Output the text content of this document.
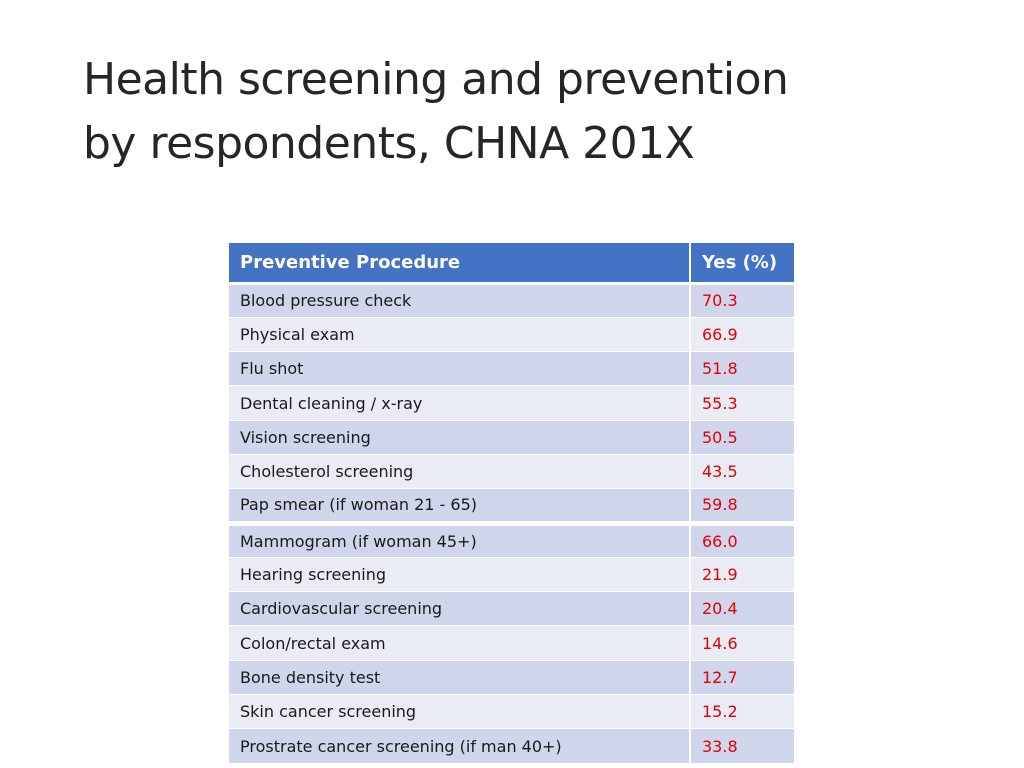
Health screening and prevention
by respondents, CHNA 201X
Preventive Procedure	Yes (%)
Blood pressure check	70.3
Physical exam	66.9
Flu shot	51.8
Dental cleaning / x-ray	55.3
Vision screening	50.5
Cholesterol screening	43.5
Pap smear (if woman 21 - 65)	59.8
Mammogram (if woman 45+)	66.0
Hearing screening	21.9
Cardiovascular screening	20.4
Colon/rectal exam	14.6
Bone density test	12.7
Skin cancer screening	15.2
Prostrate cancer screening (if man 40+)	33.8
